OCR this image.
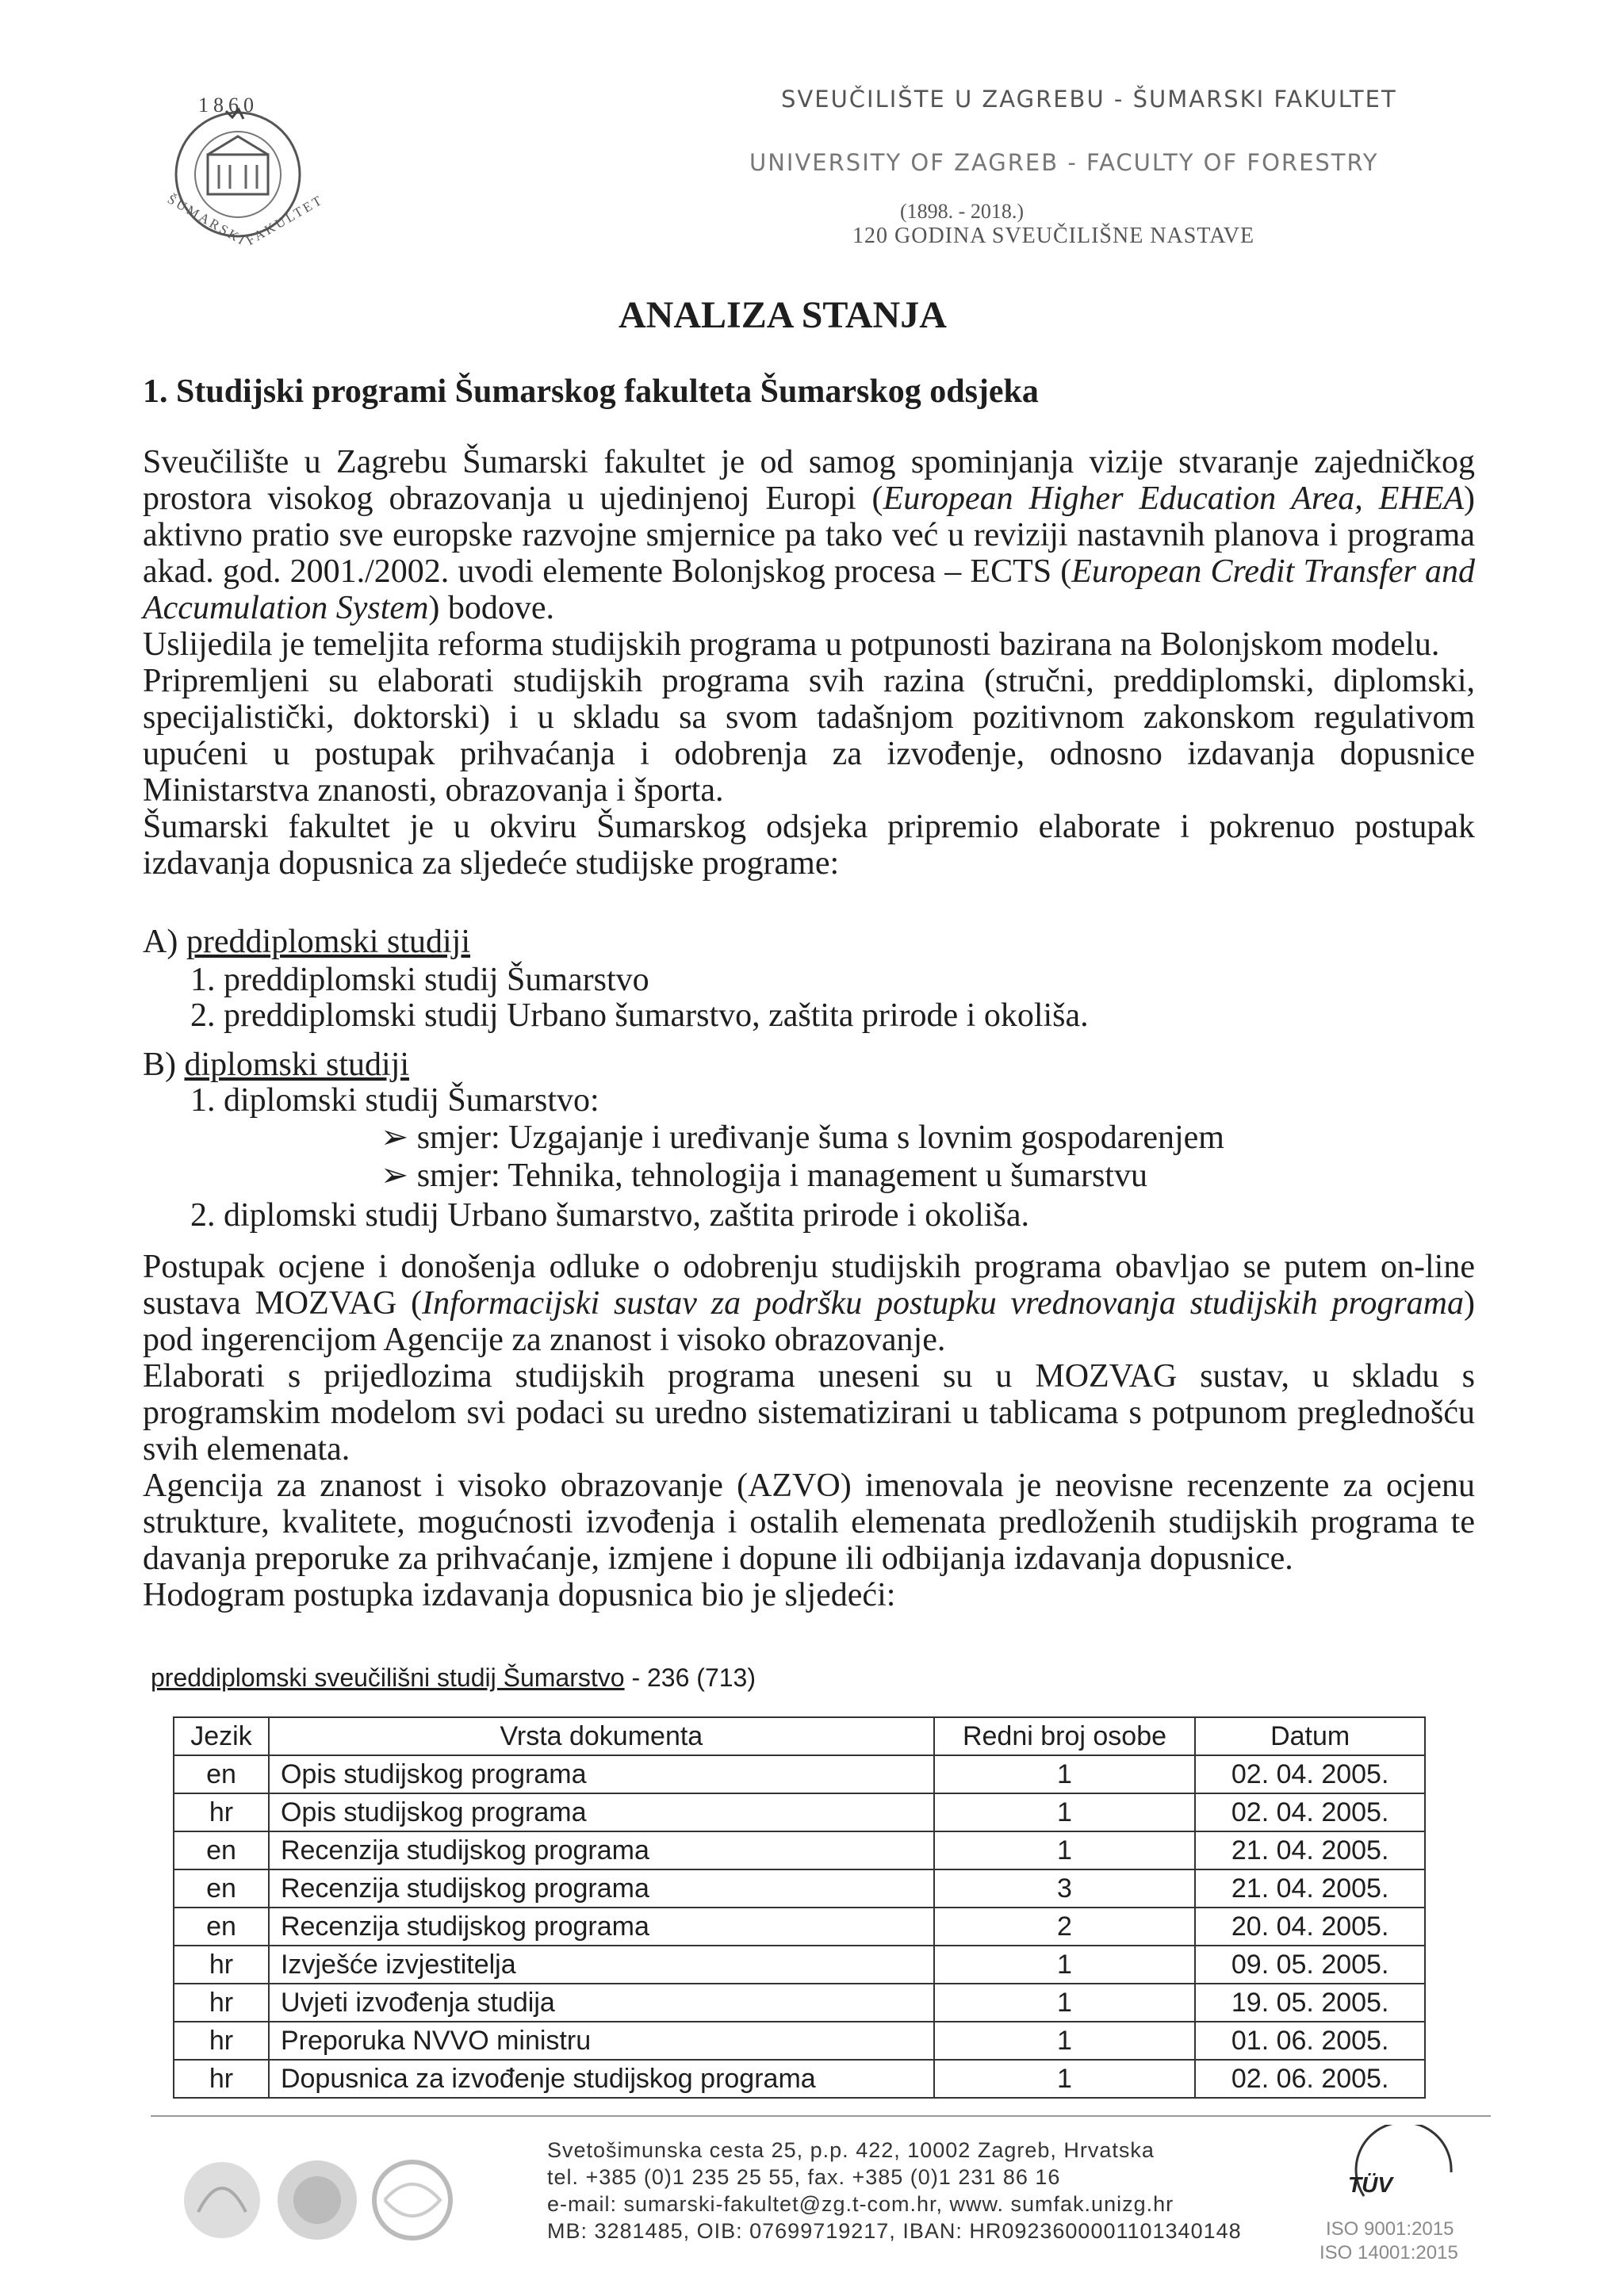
1860
ŠUMARSKI
FAKULTET
SVEUČILIŠTE U ZAGREBU - ŠUMARSKI FAKULTET
UNIVERSITY OF ZAGREB - FACULTY OF FORESTRY
(1898. - 2018.)
120 GODINA SVEUČILIŠNE NASTAVE
ANALIZA STANJA
1. Studijski programi Šumarskog fakulteta Šumarskog odsjeka
Sveučilište u Zagrebu Šumarski fakultet je od samog spominjanja vizije stvaranje zajedničkog prostora visokog obrazovanja u ujedinjenoj Europi (European Higher Education Area, EHEA) aktivno pratio sve europske razvojne smjernice pa tako već u reviziji nastavnih planova i programa akad. god. 2001./2002. uvodi elemente Bolonjskog procesa – ECTS (European Credit Transfer and Accumulation System) bodove.
Uslijedila je temeljita reforma studijskih programa u potpunosti bazirana na Bolonjskom modelu.
Pripremljeni su elaborati studijskih programa svih razina (stručni, preddiplomski, diplomski, specijalistički, doktorski) i u skladu sa svom tadašnjom pozitivnom zakonskom regulativom upućeni u postupak prihvaćanja i odobrenja za izvođenje, odnosno izdavanja dopusnice Ministarstva znanosti, obrazovanja i športa.
Šumarski fakultet je u okviru Šumarskog odsjeka pripremio elaborate i pokrenuo postupak izdavanja dopusnica za sljedeće studijske programe:
A) preddiplomski studiji
1. preddiplomski studij Šumarstvo
2. preddiplomski studij Urbano šumarstvo, zaštita prirode i okoliša.
B) diplomski studiji
1. diplomski studij Šumarstvo:
➢ smjer: Uzgajanje i uređivanje šuma s lovnim gospodarenjem
➢ smjer: Tehnika, tehnologija i management u šumarstvu
2. diplomski studij Urbano šumarstvo, zaštita prirode i okoliša.
Postupak ocjene i donošenja odluke o odobrenju studijskih programa obavljao se putem on-line sustava MOZVAG (Informacijski sustav za podršku postupku vrednovanja studijskih programa) pod ingerencijom Agencije za znanost i visoko obrazovanje.
Elaborati s prijedlozima studijskih programa uneseni su u MOZVAG sustav, u skladu s programskim modelom svi podaci su uredno sistematizirani u tablicama s potpunom preglednošću svih elemenata.
Agencija za znanost i visoko obrazovanje (AZVO) imenovala je neovisne recenzente za ocjenu strukture, kvalitete, mogućnosti izvođenja i ostalih elemenata predloženih studijskih programa te davanja preporuke za prihvaćanje, izmjene i dopune ili odbijanja izdavanja dopusnice.
Hodogram postupka izdavanja dopusnica bio je sljedeći:
preddiplomski sveučilišni studij Šumarstvo - 236 (713)
Jezik	Vrsta dokumenta	Redni broj osobe	Datum
en	Opis studijskog programa	1	02. 04. 2005.
hr	Opis studijskog programa	1	02. 04. 2005.
en	Recenzija studijskog programa	1	21. 04. 2005.
en	Recenzija studijskog programa	3	21. 04. 2005.
en	Recenzija studijskog programa	2	20. 04. 2005.
hr	Izvješće izvjestitelja	1	09. 05. 2005.
hr	Uvjeti izvođenja studija	1	19. 05. 2005.
hr	Preporuka NVVO ministru	1	01. 06. 2005.
hr	Dopusnica za izvođenje studijskog programa	1	02. 06. 2005.
Svetošimunska cesta 25, p.p. 422, 10002 Zagreb, Hrvatska
tel. +385 (0)1 235 25 55, fax. +385 (0)1 231 86 16
e-mail: sumarski-fakultet@zg.t-com.hr, www. sumfak.unizg.hr
MB: 3281485, OIB: 07699719217, IBAN: HR0923600001101340148
TÜV
ISO 9001:2015
ISO 14001:2015
